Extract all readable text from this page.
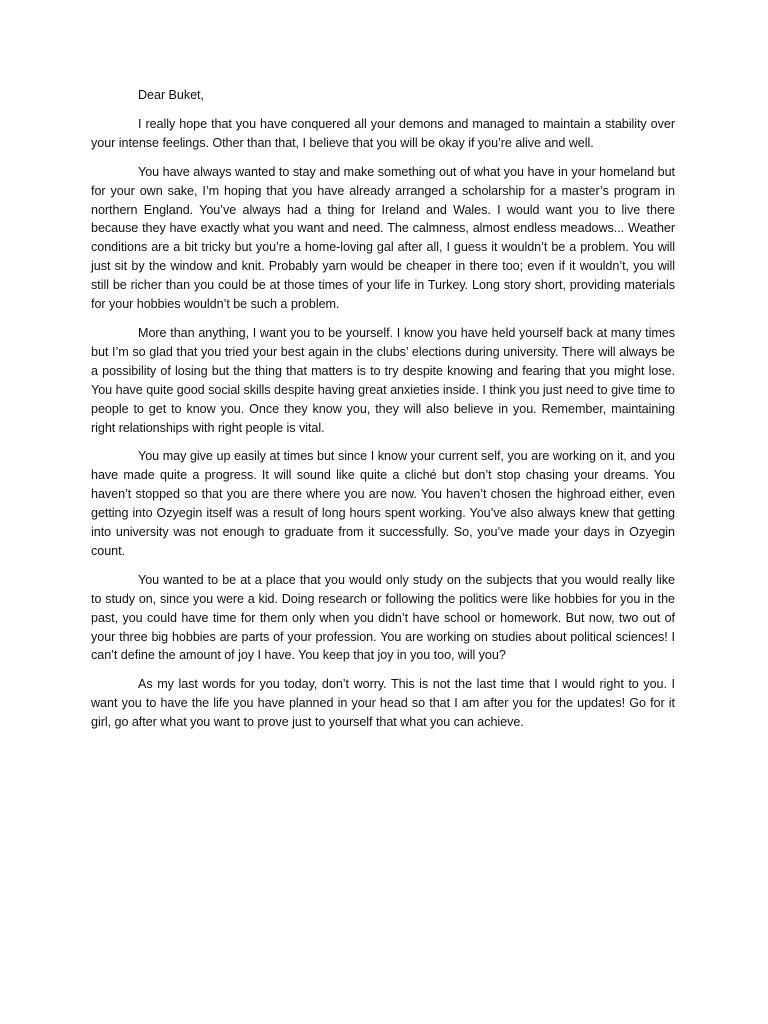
Dear Buket,

I really hope that you have conquered all your demons and managed to maintain a stability over your intense feelings. Other than that, I believe that you will be okay if you’re alive and well.

You have always wanted to stay and make something out of what you have in your homeland but for your own sake, I’m hoping that you have already arranged a scholarship for a master’s program in northern England. You’ve always had a thing for Ireland and Wales. I would want you to live there because they have exactly what you want and need. The calmness, almost endless meadows... Weather conditions are a bit tricky but you’re a home-loving gal after all, I guess it wouldn’t be a problem. You will just sit by the window and knit. Probably yarn would be cheaper in there too; even if it wouldn’t, you will still be richer than you could be at those times of your life in Turkey. Long story short, providing materials for your hobbies wouldn’t be such a problem.

More than anything, I want you to be yourself. I know you have held yourself back at many times but I’m so glad that you tried your best again in the clubs’ elections during university. There will always be a possibility of losing but the thing that matters is to try despite knowing and fearing that you might lose. You have quite good social skills despite having great anxieties inside. I think you just need to give time to people to get to know you. Once they know you, they will also believe in you. Remember, maintaining right relationships with right people is vital.

You may give up easily at times but since I know your current self, you are working on it, and you have made quite a progress. It will sound like quite a cliché but don’t stop chasing your dreams. You haven’t stopped so that you are there where you are now. You haven’t chosen the highroad either, even getting into Ozyegin itself was a result of long hours spent working. You’ve also always knew that getting into university was not enough to graduate from it successfully. So, you’ve made your days in Ozyegin count.

You wanted to be at a place that you would only study on the subjects that you would really like to study on, since you were a kid. Doing research or following the politics were like hobbies for you in the past, you could have time for them only when you didn’t have school or homework. But now, two out of your three big hobbies are parts of your profession. You are working on studies about political sciences! I can’t define the amount of joy I have. You keep that joy in you too, will you?

As my last words for you today, don’t worry. This is not the last time that I would right to you. I want you to have the life you have planned in your head so that I am after you for the updates! Go for it girl, go after what you want to prove just to yourself that what you can achieve.
